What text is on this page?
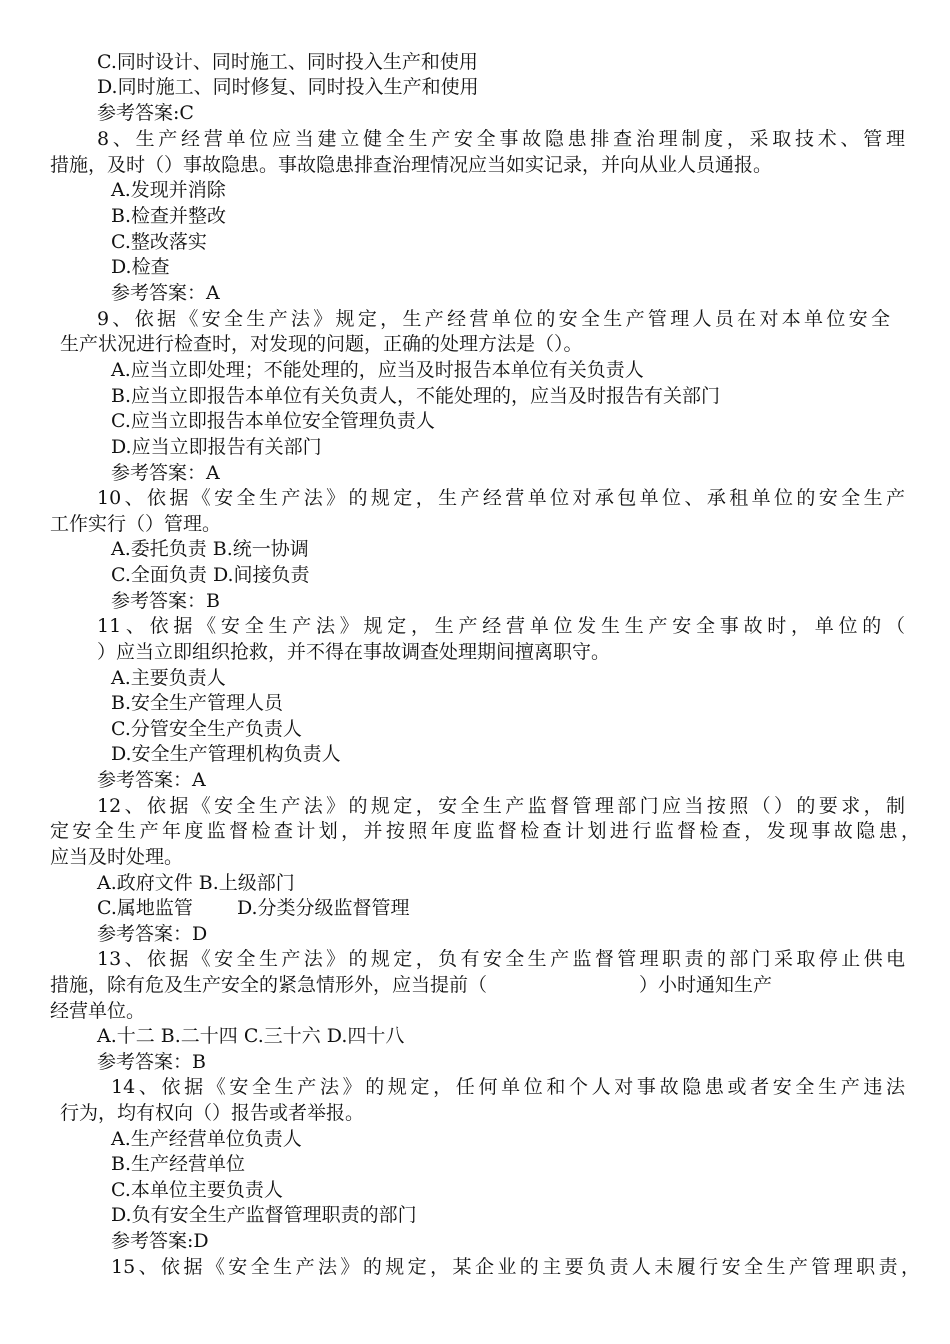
C.同时设计、同时施工、同时投入生产和使用
D.同时施工、同时修复、同时投入生产和使用
参考答案:C
8、生产经营单位应当建立健全生产安全事故隐患排查治理制度，采取技术、管理
措施，及时（）事故隐患。事故隐患排查治理情况应当如实记录，并向从业人员通报。
A.发现并消除
B.检查并整改
C.整改落实
D.检查
参考答案：A
9、依据《安全生产法》规定，生产经营单位的安全生产管理人员在对本单位安全
生产状况进行检查时，对发现的问题，正确的处理方法是（）。
A.应当立即处理；不能处理的，应当及时报告本单位有关负责人
B.应当立即报告本单位有关负责人，不能处理的，应当及时报告有关部门
C.应当立即报告本单位安全管理负责人
D.应当立即报告有关部门
参考答案：A
10、依据《安全生产法》的规定，生产经营单位对承包单位、承租单位的安全生产
工作实行（）管理。
A.委托负责 B.统一协调
C.全面负责 D.间接负责
参考答案：B
11、依据《安全生产法》规定，生产经营单位发生生产安全事故时，单位的（
）应当立即组织抢救，并不得在事故调查处理期间擅离职守。
A.主要负责人
B.安全生产管理人员
C.分管安全生产负责人
D.安全生产管理机构负责人
参考答案：A
12、依据《安全生产法》的规定，安全生产监督管理部门应当按照（）的要求，制
定安全生产年度监督检查计划，并按照年度监督检查计划进行监督检查，发现事故隐患，
应当及时处理。
A.政府文件 B.上级部门
C.属地监管　　 D.分类分级监督管理
参考答案：D
13、依据《安全生产法》的规定，负有安全生产监督管理职责的部门采取停止供电
措施，除有危及生产安全的紧急情形外，应当提前（　　　　　　　　）小时通知生产
经营单位。
A.十二 B.二十四 C.三十六 D.四十八
参考答案：B
14、依据《安全生产法》的规定，任何单位和个人对事故隐患或者安全生产违法
行为，均有权向（）报告或者举报。
A.生产经营单位负责人
B.生产经营单位
C.本单位主要负责人
D.负有安全生产监督管理职责的部门
参考答案:D
15、依据《安全生产法》的规定，某企业的主要负责人未履行安全生产管理职责，
